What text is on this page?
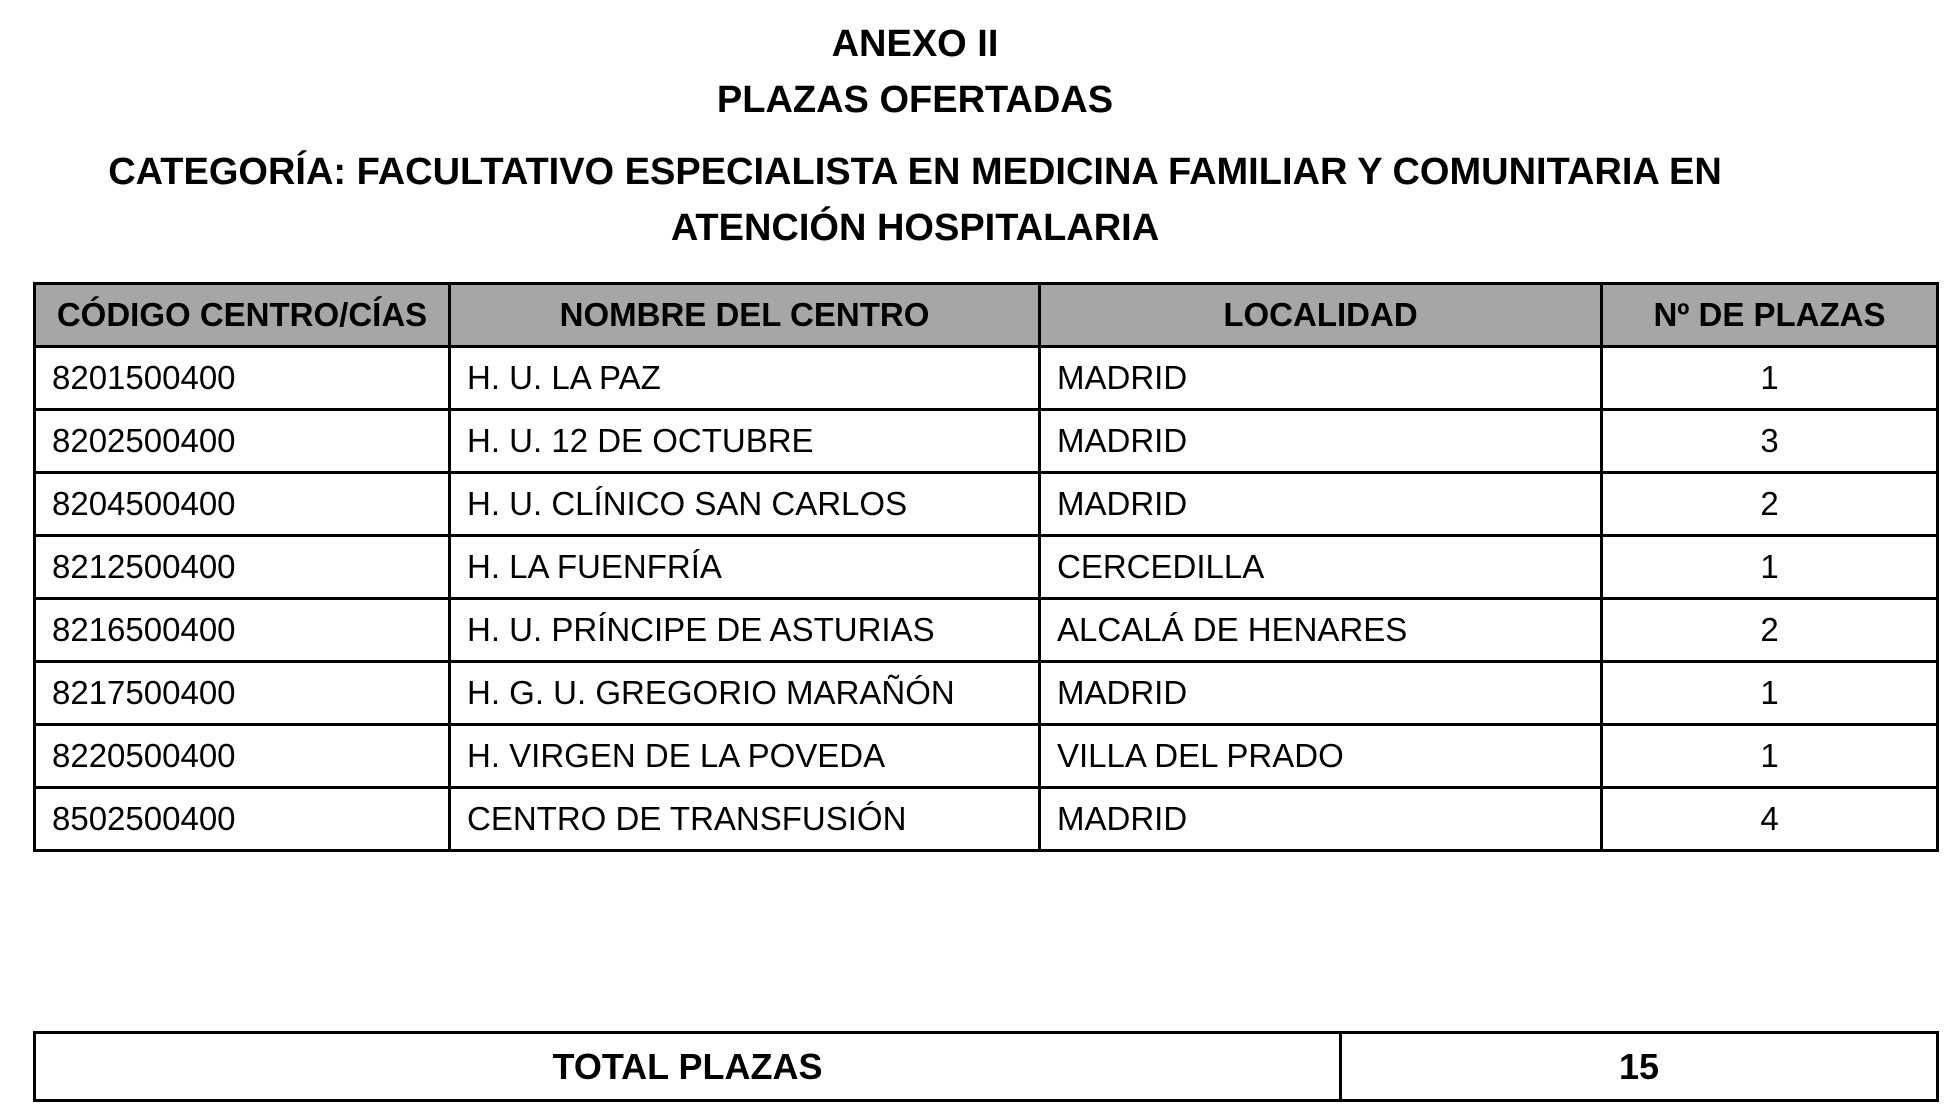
ANEXO II
PLAZAS OFERTADAS
CATEGORÍA: FACULTATIVO ESPECIALISTA EN MEDICINA FAMILIAR Y COMUNITARIA EN
ATENCIÓN HOSPITALARIA
CÓDIGO CENTRO/CÍAS	NOMBRE DEL CENTRO	LOCALIDAD	Nº DE PLAZAS
8201500400	H. U. LA PAZ	MADRID	1
8202500400	H. U. 12 DE OCTUBRE	MADRID	3
8204500400	H. U. CLÍNICO SAN CARLOS	MADRID	2
8212500400	H. LA FUENFRÍA	CERCEDILLA	1
8216500400	H. U. PRÍNCIPE DE ASTURIAS	ALCALÁ DE HENARES	2
8217500400	H. G. U. GREGORIO MARAÑÓN	MADRID	1
8220500400	H. VIRGEN DE LA POVEDA	VILLA DEL PRADO	1
8502500400	CENTRO DE TRANSFUSIÓN	MADRID	4
TOTAL PLAZAS	15
